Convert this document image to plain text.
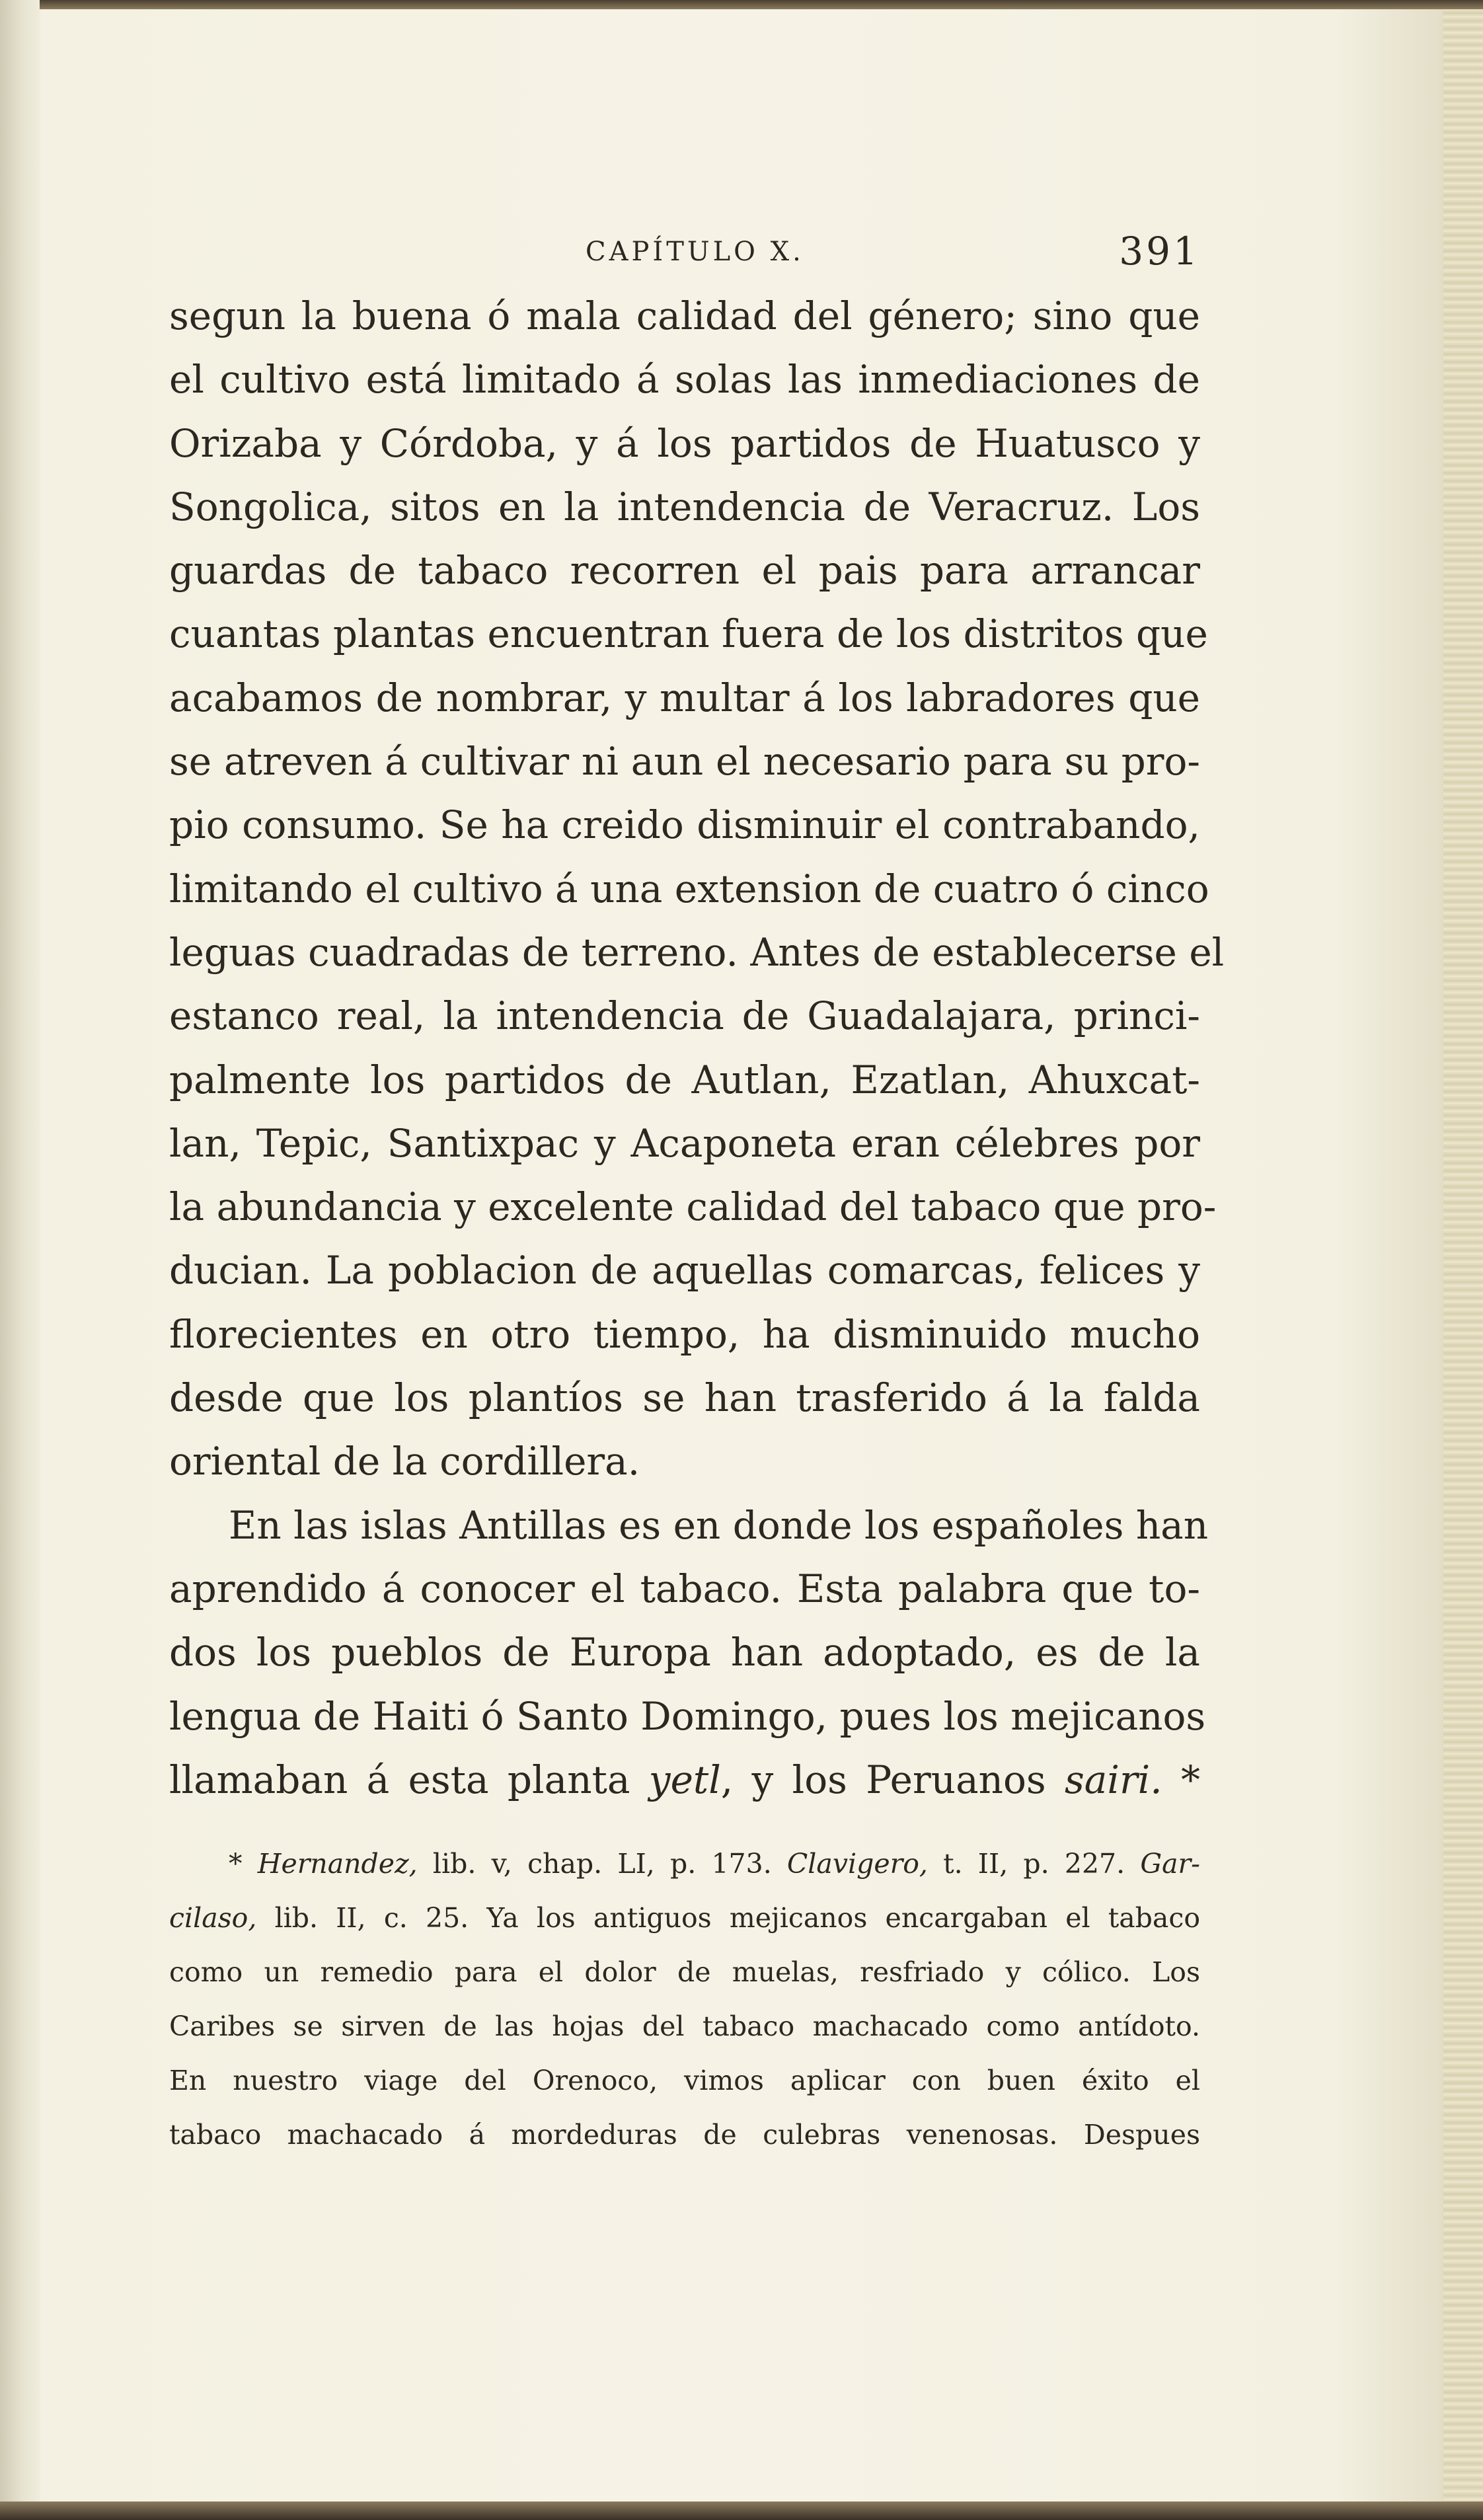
CAPÍTULO X.	391
segun la buena ó mala calidad del género; sino que
el cultivo está limitado á solas las inmediaciones de
Orizaba y Córdoba, y á los partidos de Huatusco y
Songolica, sitos en la intendencia de Veracruz. Los
guardas de tabaco recorren el pais para arrancar
cuantas plantas encuentran fuera de los distritos que
acabamos de nombrar, y multar á los labradores que
se atreven á cultivar ni aun el necesario para su pro-
pio consumo. Se ha creido disminuir el contrabando,
limitando el cultivo á una extension de cuatro ó cinco
leguas cuadradas de terreno. Antes de establecerse el
estanco real, la intendencia de Guadalajara, princi-
palmente los partidos de Autlan, Ezatlan, Ahuxcat-
lan, Tepic, Santixpac y Acaponeta eran célebres por
la abundancia y excelente calidad del tabaco que pro-
ducian. La poblacion de aquellas comarcas, felices y
florecientes en otro tiempo, ha disminuido mucho
desde que los plantíos se han trasferido á la falda
oriental de la cordillera.
En las islas Antillas es en donde los españoles han
aprendido á conocer el tabaco. Esta palabra que to-
dos los pueblos de Europa han adoptado, es de la
lengua de Haiti ó Santo Domingo, pues los mejicanos
llamaban á esta planta yetl, y los Peruanos sairi. *
* Hernandez, lib. v, chap. LI, p. 173. Clavigero, t. II, p. 227. Gar-
cilaso, lib. II, c. 25. Ya los antiguos mejicanos encargaban el tabaco
como un remedio para el dolor de muelas, resfriado y cólico. Los
Caribes se sirven de las hojas del tabaco machacado como antídoto.
En nuestro viage del Orenoco, vimos aplicar con buen éxito el
tabaco machacado á mordeduras de culebras venenosas. Despues
